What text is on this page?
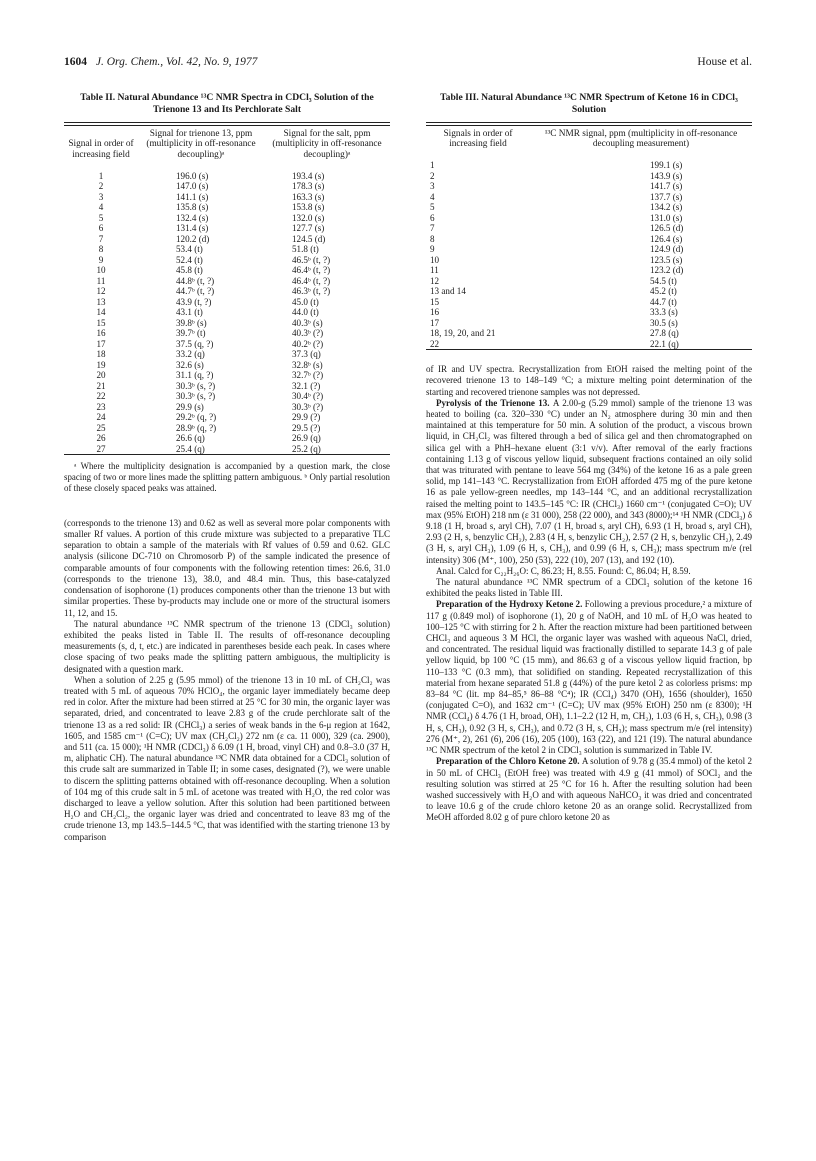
1604 J. Org. Chem., Vol. 42, No. 9, 1977	House et al.
Table II. Natural Abundance ¹³C NMR Spectra in CDCl₃ Solution of the Trienone 13 and Its Perchlorate Salt
Signal in order of increasing field	Signal for trienone 13, ppm (multiplicity in off-resonance decoupling)ᵃ	Signal for the salt, ppm (multiplicity in off-resonance decoupling)ᵃ
1	196.0 (s)	193.4 (s)
2	147.0 (s)	178.3 (s)
3	141.1 (s)	163.3 (s)
4	135.8 (s)	153.8 (s)
5	132.4 (s)	132.0 (s)
6	131.4 (s)	127.7 (s)
7	120.2 (d)	124.5 (d)
8	53.4 (t)	51.8 (t)
9	52.4 (t)	46.5ᵇ (t, ?)
10	45.8 (t)	46.4ᵇ (t, ?)
11	44.8ᵇ (t, ?)	46.4ᵇ (t, ?)
12	44.7ᵇ (t, ?)	46.3ᵇ (t, ?)
13	43.9 (t, ?)	45.0 (t)
14	43.1 (t)	44.0 (t)
15	39.8ᵇ (s)	40.3ᵇ (s)
16	39.7ᵇ (t)	40.3ᵇ (?)
17	37.5 (q, ?)	40.2ᵇ (?)
18	33.2 (q)	37.3 (q)
19	32.6 (s)	32.8ᵇ (s)
20	31.1 (q, ?)	32.7ᵇ (?)
21	30.3ᵇ (s, ?)	32.1 (?)
22	30.3ᵇ (s, ?)	30.4ᵇ (?)
23	29.9 (s)	30.3ᵇ (?)
24	29.2ᵇ (q, ?)	29.9 (?)
25	28.9ᵇ (q, ?)	29.5 (?)
26	26.6 (q)	26.9 (q)
27	25.4 (q)	25.2 (q)
ᵃ Where the multiplicity designation is accompanied by a question mark, the close spacing of two or more lines made the splitting pattern ambiguous. ᵇ Only partial resolution of these closely spaced peaks was attained.

(corresponds to the trienone 13) and 0.62 as well as several more polar components with smaller Rf values. A portion of this crude mixture was subjected to a preparative TLC separation to obtain a sample of the materials with Rf values of 0.59 and 0.62. GLC analysis (silicone DC-710 on Chromosorb P) of the sample indicated the presence of comparable amounts of four components with the following retention times: 26.6, 31.0 (corresponds to the trienone 13), 38.0, and 48.4 min. Thus, this base-catalyzed condensation of isophorone (1) produces components other than the trienone 13 but with similar properties. These by-products may include one or more of the structural isomers 11, 12, and 15.

The natural abundance ¹³C NMR spectrum of the trienone 13 (CDCl₃ solution) exhibited the peaks listed in Table II. The results of off-resonance decoupling measurements (s, d, t, etc.) are indicated in parentheses beside each peak. In cases where close spacing of two peaks made the splitting pattern ambiguous, the multiplicity is designated with a question mark.

When a solution of 2.25 g (5.95 mmol) of the trienone 13 in 10 mL of CH₂Cl₂ was treated with 5 mL of aqueous 70% HClO₄, the organic layer immediately became deep red in color. After the mixture had been stirred at 25 °C for 30 min, the organic layer was separated, dried, and concentrated to leave 2.83 g of the crude perchlorate salt of the trienone 13 as a red solid: IR (CHCl₃) a series of weak bands in the 6-μ region at 1642, 1605, and 1585 cm⁻¹ (C=C); UV max (CH₂Cl₂) 272 nm (ε ca. 11 000), 329 (ca. 2900), and 511 (ca. 15 000); ¹H NMR (CDCl₃) δ 6.09 (1 H, broad, vinyl CH) and 0.8–3.0 (37 H, m, aliphatic CH). The natural abundance ¹³C NMR data obtained for a CDCl₃ solution of this crude salt are summarized in Table II; in some cases, designated (?), we were unable to discern the splitting patterns obtained with off-resonance decoupling. When a solution of 104 mg of this crude salt in 5 mL of acetone was treated with H₂O, the red color was discharged to leave a yellow solution. After this solution had been partitioned between H₂O and CH₂Cl₂, the organic layer was dried and concentrated to leave 83 mg of the crude trienone 13, mp 143.5–144.5 °C, that was identified with the starting trienone 13 by comparison

Table III. Natural Abundance ¹³C NMR Spectrum of Ketone 16 in CDCl₃ Solution
Signals in order of increasing field	¹³C NMR signal, ppm (multiplicity in off-resonance decoupling measurement)
1	199.1 (s)
2	143.9 (s)
3	141.7 (s)
4	137.7 (s)
5	134.2 (s)
6	131.0 (s)
7	126.5 (d)
8	126.4 (s)
9	124.9 (d)
10	123.5 (s)
11	123.2 (d)
12	54.5 (t)
13 and 14	45.2 (t)
15	44.7 (t)
16	33.3 (s)
17	30.5 (s)
18, 19, 20, and 21	27.8 (q)
22	22.1 (q)

of IR and UV spectra. Recrystallization from EtOH raised the melting point of the recovered trienone 13 to 148–149 °C; a mixture melting point determination of the starting and recovered trienone samples was not depressed.

Pyrolysis of the Trienone 13. A 2.00-g (5.29 mmol) sample of the trienone 13 was heated to boiling (ca. 320–330 °C) under an N₂ atmosphere during 30 min and then maintained at this temperature for 50 min. A solution of the product, a viscous brown liquid, in CH₂Cl₂ was filtered through a bed of silica gel and then chromatographed on silica gel with a PhH–hexane eluent (3:1 v/v). After removal of the early fractions containing 1.13 g of viscous yellow liquid, subsequent fractions contained an oily solid that was triturated with pentane to leave 564 mg (34%) of the ketone 16 as a pale green solid, mp 141–143 °C. Recrystallization from EtOH afforded 475 mg of the pure ketone 16 as pale yellow-green needles, mp 143–144 °C, and an additional recrystallization raised the melting point to 143.5–145 °C: IR (CHCl₃) 1660 cm⁻¹ (conjugated C=O); UV max (95% EtOH) 218 nm (ε 31 000), 258 (22 000), and 343 (8000);¹⁴ ¹H NMR (CDCl₃) δ 9.18 (1 H, broad s, aryl CH), 7.07 (1 H, broad s, aryl CH), 6.93 (1 H, broad s, aryl CH), 2.93 (2 H, s, benzylic CH₂), 2.83 (4 H, s, benzylic CH₂), 2.57 (2 H, s, benzylic CH₂), 2.49 (3 H, s, aryl CH₃), 1.09 (6 H, s, CH₃), and 0.99 (6 H, s, CH₃); mass spectrum m/e (rel intensity) 306 (M⁺, 100), 250 (53), 222 (10), 207 (13), and 192 (10).

Anal. Calcd for C₂₂H₂₆O: C, 86.23; H, 8.55. Found: C, 86.04; H, 8.59.

The natural abundance ¹³C NMR spectrum of a CDCl₃ solution of the ketone 16 exhibited the peaks listed in Table III.

Preparation of the Hydroxy Ketone 2. Following a previous procedure,² a mixture of 117 g (0.849 mol) of isophorone (1), 20 g of NaOH, and 10 mL of H₂O was heated to 100–125 °C with stirring for 2 h. After the reaction mixture had been partitioned between CHCl₃ and aqueous 3 M HCl, the organic layer was washed with aqueous NaCl, dried, and concentrated. The residual liquid was fractionally distilled to separate 14.3 g of pale yellow liquid, bp 100 °C (15 mm), and 86.63 g of a viscous yellow liquid fraction, bp 110–133 °C (0.3 mm), that solidified on standing. Repeated recrystallization of this material from hexane separated 51.8 g (44%) of the pure ketol 2 as colorless prisms: mp 83–84 °C (lit. mp 84–85,⁵ 86–88 °C⁴); IR (CCl₄) 3470 (OH), 1656 (shoulder), 1650 (conjugated C=O), and 1632 cm⁻¹ (C=C); UV max (95% EtOH) 250 nm (ε 8300); ¹H NMR (CCl₄) δ 4.76 (1 H, broad, OH), 1.1–2.2 (12 H, m, CH₂), 1.03 (6 H, s, CH₃), 0.98 (3 H, s, CH₃), 0.92 (3 H, s, CH₃), and 0.72 (3 H, s, CH₃); mass spectrum m/e (rel intensity) 276 (M⁺, 2), 261 (6), 206 (16), 205 (100), 163 (22), and 121 (19). The natural abundance ¹³C NMR spectrum of the ketol 2 in CDCl₃ solution is summarized in Table IV.

Preparation of the Chloro Ketone 20. A solution of 9.78 g (35.4 mmol) of the ketol 2 in 50 mL of CHCl₃ (EtOH free) was treated with 4.9 g (41 mmol) of SOCl₂ and the resulting solution was stirred at 25 °C for 16 h. After the resulting solution had been washed successively with H₂O and with aqueous NaHCO₃ it was dried and concentrated to leave 10.6 g of the crude chloro ketone 20 as an orange solid. Recrystallized from MeOH afforded 8.02 g of pure chloro ketone 20 as
